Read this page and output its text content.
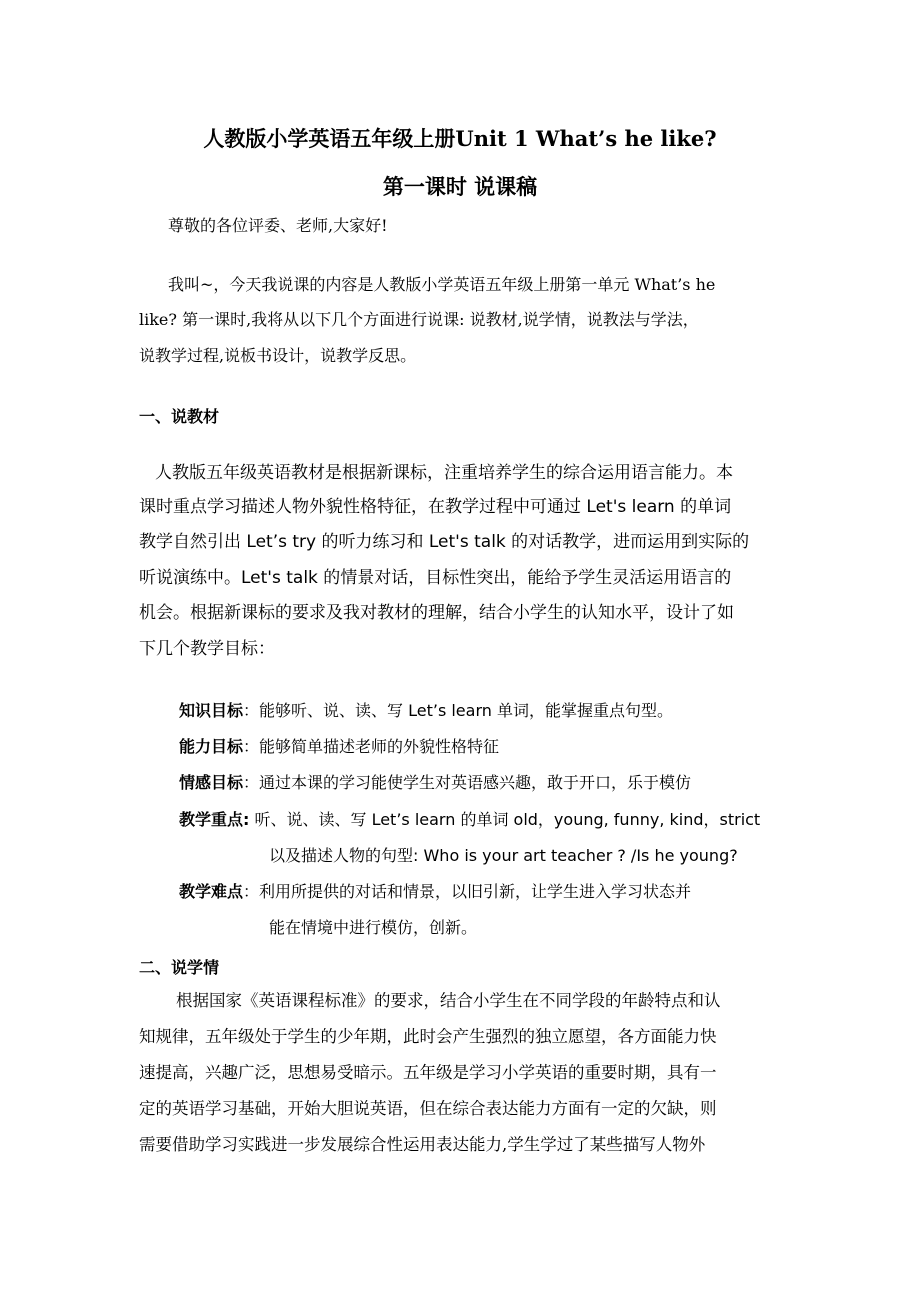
人教版小学英语五年级上册Unit 1 What’s he like?
第一课时 说课稿
尊敬的各位评委、老师,大家好!
我叫~，今天我说课的内容是人教版小学英语五年级上册第一单元 What’s he
like? 第一课时,我将从以下几个方面进行说课: 说教材,说学情，说教法与学法，
说教学过程,说板书设计，说教学反思。
一、说教材
人教版五年级英语教材是根据新课标，注重培养学生的综合运用语言能力。本
课时重点学习描述人物外貌性格特征，在教学过程中可通过 Let's learn 的单词
教学自然引出 Let’s try 的听力练习和 Let's talk 的对话教学，进而运用到实际的
听说演练中。Let's talk 的情景对话，目标性突出，能给予学生灵活运用语言的
机会。根据新课标的要求及我对教材的理解，结合小学生的认知水平，设计了如
下几个教学目标：
知识目标：能够听、说、读、写 Let’s learn 单词，能掌握重点句型。
能力目标：能够简单描述老师的外貌性格特征
情感目标：通过本课的学习能使学生对英语感兴趣，敢于开口，乐于模仿
教学重点: 听、说、读、写 Let’s learn 的单词 old，young, funny, kind，strict
以及描述人物的句型: Who is your art teacher ? /Is he young?
教学难点：利用所提供的对话和情景，以旧引新，让学生进入学习状态并
能在情境中进行模仿，创新。
二、说学情
根据国家《英语课程标准》的要求，结合小学生在不同学段的年龄特点和认
知规律，五年级处于学生的少年期，此时会产生强烈的独立愿望，各方面能力快
速提高，兴趣广泛，思想易受暗示。五年级是学习小学英语的重要时期，具有一
定的英语学习基础，开始大胆说英语，但在综合表达能力方面有一定的欠缺，则
需要借助学习实践进一步发展综合性运用表达能力,学生学过了某些描写人物外
